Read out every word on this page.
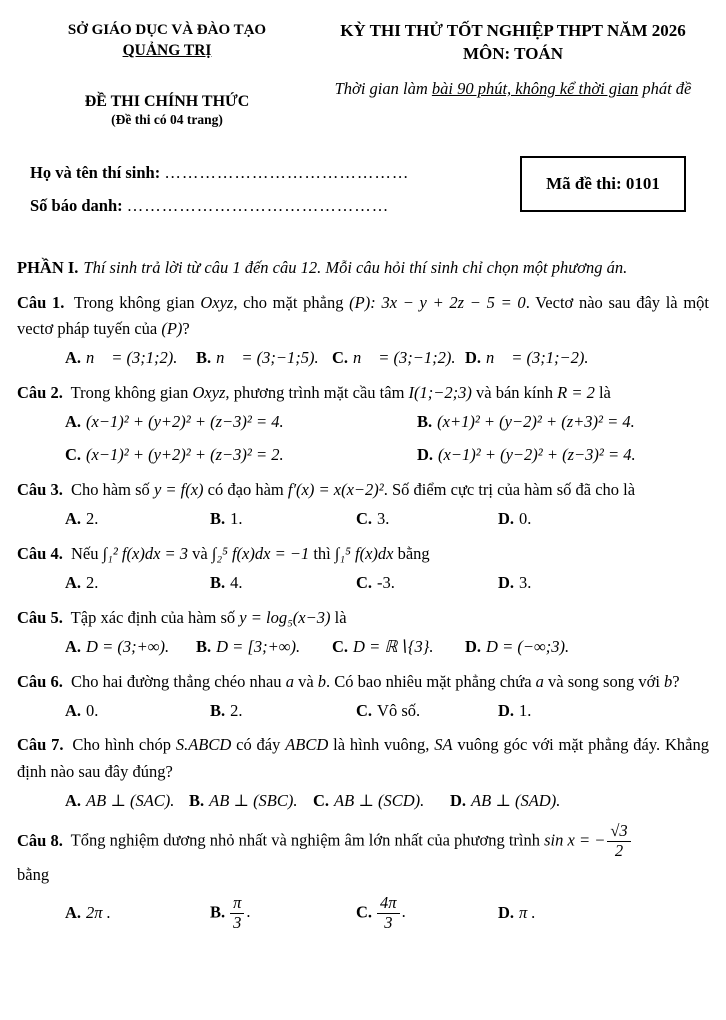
SỞ GIÁO DỤC VÀ ĐÀO TẠO
QUẢNG TRỊ
ĐỀ THI CHÍNH THỨC
(Đề thi có 04 trang)
KỲ THI THỬ TỐT NGHIỆP THPT NĂM 2026
MÔN: TOÁN
Thời gian làm bài 90 phút, không kể thời gian phát đề
Họ và tên thí sinh: ……………………………………
Số báo danh: ………………………………………
Mã đề thi: 0101
PHẦN I. Thí sinh trả lời từ câu 1 đến câu 12. Mỗi câu hỏi thí sinh chỉ chọn một phương án.

Câu 1. Trong không gian Oxyz, cho mặt phẳng (P): 3x − y + 2z − 5 = 0. Vectơ nào sau đây là một vectơ pháp tuyến của (P)?

A. n⃗ = (3;1;2).	B. n⃗ = (3;−1;5). C. n⃗ = (3;−1;2). D. n⃗ = (3;1;−2).

Câu 2. Trong không gian Oxyz, phương trình mặt cầu tâm I(1;−2;3) và bán kính R = 2 là

A. (x−1)² + (y+2)² + (z−3)² = 4.	B. (x+1)² + (y−2)² + (z+3)² = 4.
C. (x−1)² + (y+2)² + (z−3)² = 2.	D. (x−1)² + (y−2)² + (z−3)² = 4.

Câu 3. Cho hàm số y = f(x) có đạo hàm f′(x) = x(x−2)². Số điểm cực trị của hàm số đã cho là

A. 2.	B. 1.	C. 3.	D. 0.

Câu 4. Nếu ∫₁² f(x)dx = 3 và ∫₂⁵ f(x)dx = −1 thì ∫₁⁵ f(x)dx bằng

A. 2.	B. 4.	C. -3.	D. 3.

Câu 5. Tập xác định của hàm số y = log₅(x−3) là

A. D = (3;+∞).	B. D = [3;+∞).	C. D = ℝ∖{3}.	D. D = (−∞;3).

Câu 6. Cho hai đường thẳng chéo nhau a và b. Có bao nhiêu mặt phẳng chứa a và song song với b?

A. 0.	B. 2.	C. Vô số.	D. 1.

Câu 7. Cho hình chóp S.ABCD có đáy ABCD là hình vuông, SA vuông góc với mặt phẳng đáy. Khẳng định nào sau đây đúng?

A. AB ⊥ (SAC). B. AB ⊥ (SBC). C. AB ⊥ (SCD).	D. AB ⊥ (SAD).

Câu 8. Tổng nghiệm dương nhỏ nhất và nghiệm âm lớn nhất của phương trình sin x = − $\frac{√3}{2}$

bằng

A. 2π .	B. $\frac{\pi}{3}$ .	C. $\frac{4\pi}{3}$ .	D. π .
